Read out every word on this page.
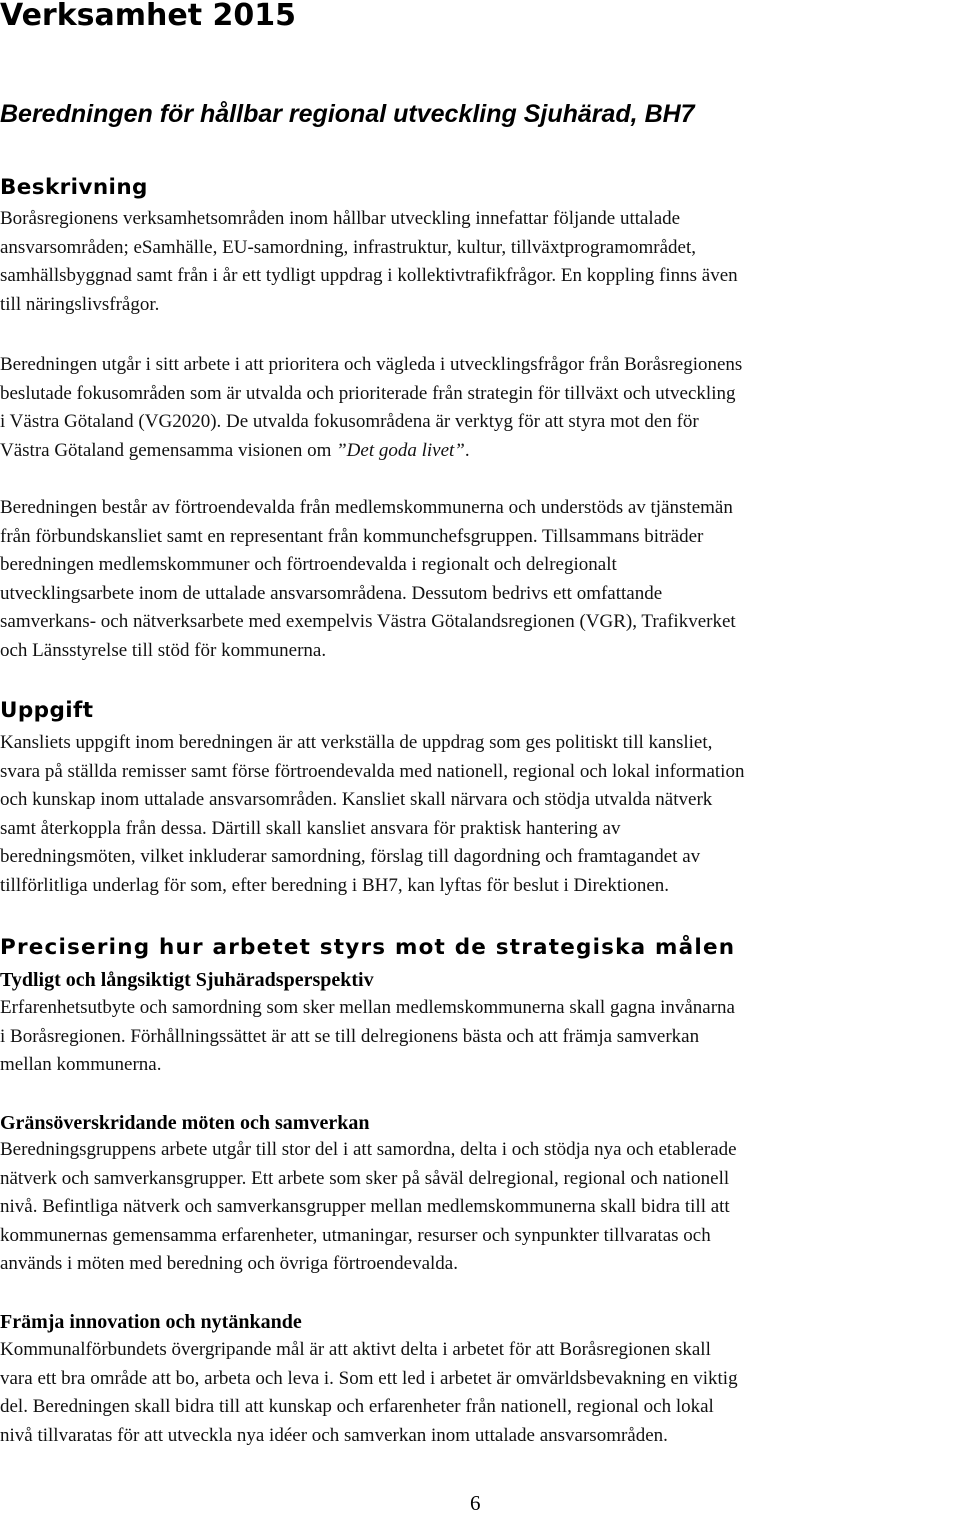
Verksamhet 2015
Beredningen för hållbar regional utveckling Sjuhärad, BH7
Beskrivning

Boråsregionens verksamhetsområden inom hållbar utveckling innefattar följande uttalade
ansvarsområden; eSamhälle, EU-samordning, infrastruktur, kultur, tillväxtprogramområdet,
samhällsbyggnad samt från i år ett tydligt uppdrag i kollektivtrafikfrågor. En koppling finns även
till näringslivsfrågor.

Beredningen utgår i sitt arbete i att prioritera och vägleda i utvecklingsfrågor från Boråsregionens
beslutade fokusområden som är utvalda och prioriterade från strategin för tillväxt och utveckling
i Västra Götaland (VG2020). De utvalda fokusområdena är verktyg för att styra mot den för
Västra Götaland gemensamma visionen om ”Det goda livet”.

Beredningen består av förtroendevalda från medlemskommunerna och understöds av tjänstemän
från förbundskansliet samt en representant från kommunchefsgruppen. Tillsammans biträder
beredningen medlemskommuner och förtroendevalda i regionalt och delregionalt
utvecklingsarbete inom de uttalade ansvarsområdena. Dessutom bedrivs ett omfattande
samverkans- och nätverksarbete med exempelvis Västra Götalandsregionen (VGR), Trafikverket
och Länsstyrelse till stöd för kommunerna.

Uppgift

Kansliets uppgift inom beredningen är att verkställa de uppdrag som ges politiskt till kansliet,
svara på ställda remisser samt förse förtroendevalda med nationell, regional och lokal information
och kunskap inom uttalade ansvarsområden. Kansliet skall närvara och stödja utvalda nätverk
samt återkoppla från dessa. Därtill skall kansliet ansvara för praktisk hantering av
beredningsmöten, vilket inkluderar samordning, förslag till dagordning och framtagandet av
tillförlitliga underlag för som, efter beredning i BH7, kan lyftas för beslut i Direktionen.

Precisering hur arbetet styrs mot de strategiska målen
Tydligt och långsiktigt Sjuhäradsperspektiv

Erfarenhetsutbyte och samordning som sker mellan medlemskommunerna skall gagna invånarna
i Boråsregionen. Förhållningssättet är att se till delregionens bästa och att främja samverkan
mellan kommunerna.

Gränsöverskridande möten och samverkan

Beredningsgruppens arbete utgår till stor del i att samordna, delta i och stödja nya och etablerade
nätverk och samverkansgrupper. Ett arbete som sker på såväl delregional, regional och nationell
nivå. Befintliga nätverk och samverkansgrupper mellan medlemskommunerna skall bidra till att
kommunernas gemensamma erfarenheter, utmaningar, resurser och synpunkter tillvaratas och
används i möten med beredning och övriga förtroendevalda.

Främja innovation och nytänkande

Kommunalförbundets övergripande mål är att aktivt delta i arbetet för att Boråsregionen skall
vara ett bra område att bo, arbeta och leva i. Som ett led i arbetet är omvärldsbevakning en viktig
del. Beredningen skall bidra till att kunskap och erfarenheter från nationell, regional och lokal
nivå tillvaratas för att utveckla nya idéer och samverkan inom uttalade ansvarsområden.

6
